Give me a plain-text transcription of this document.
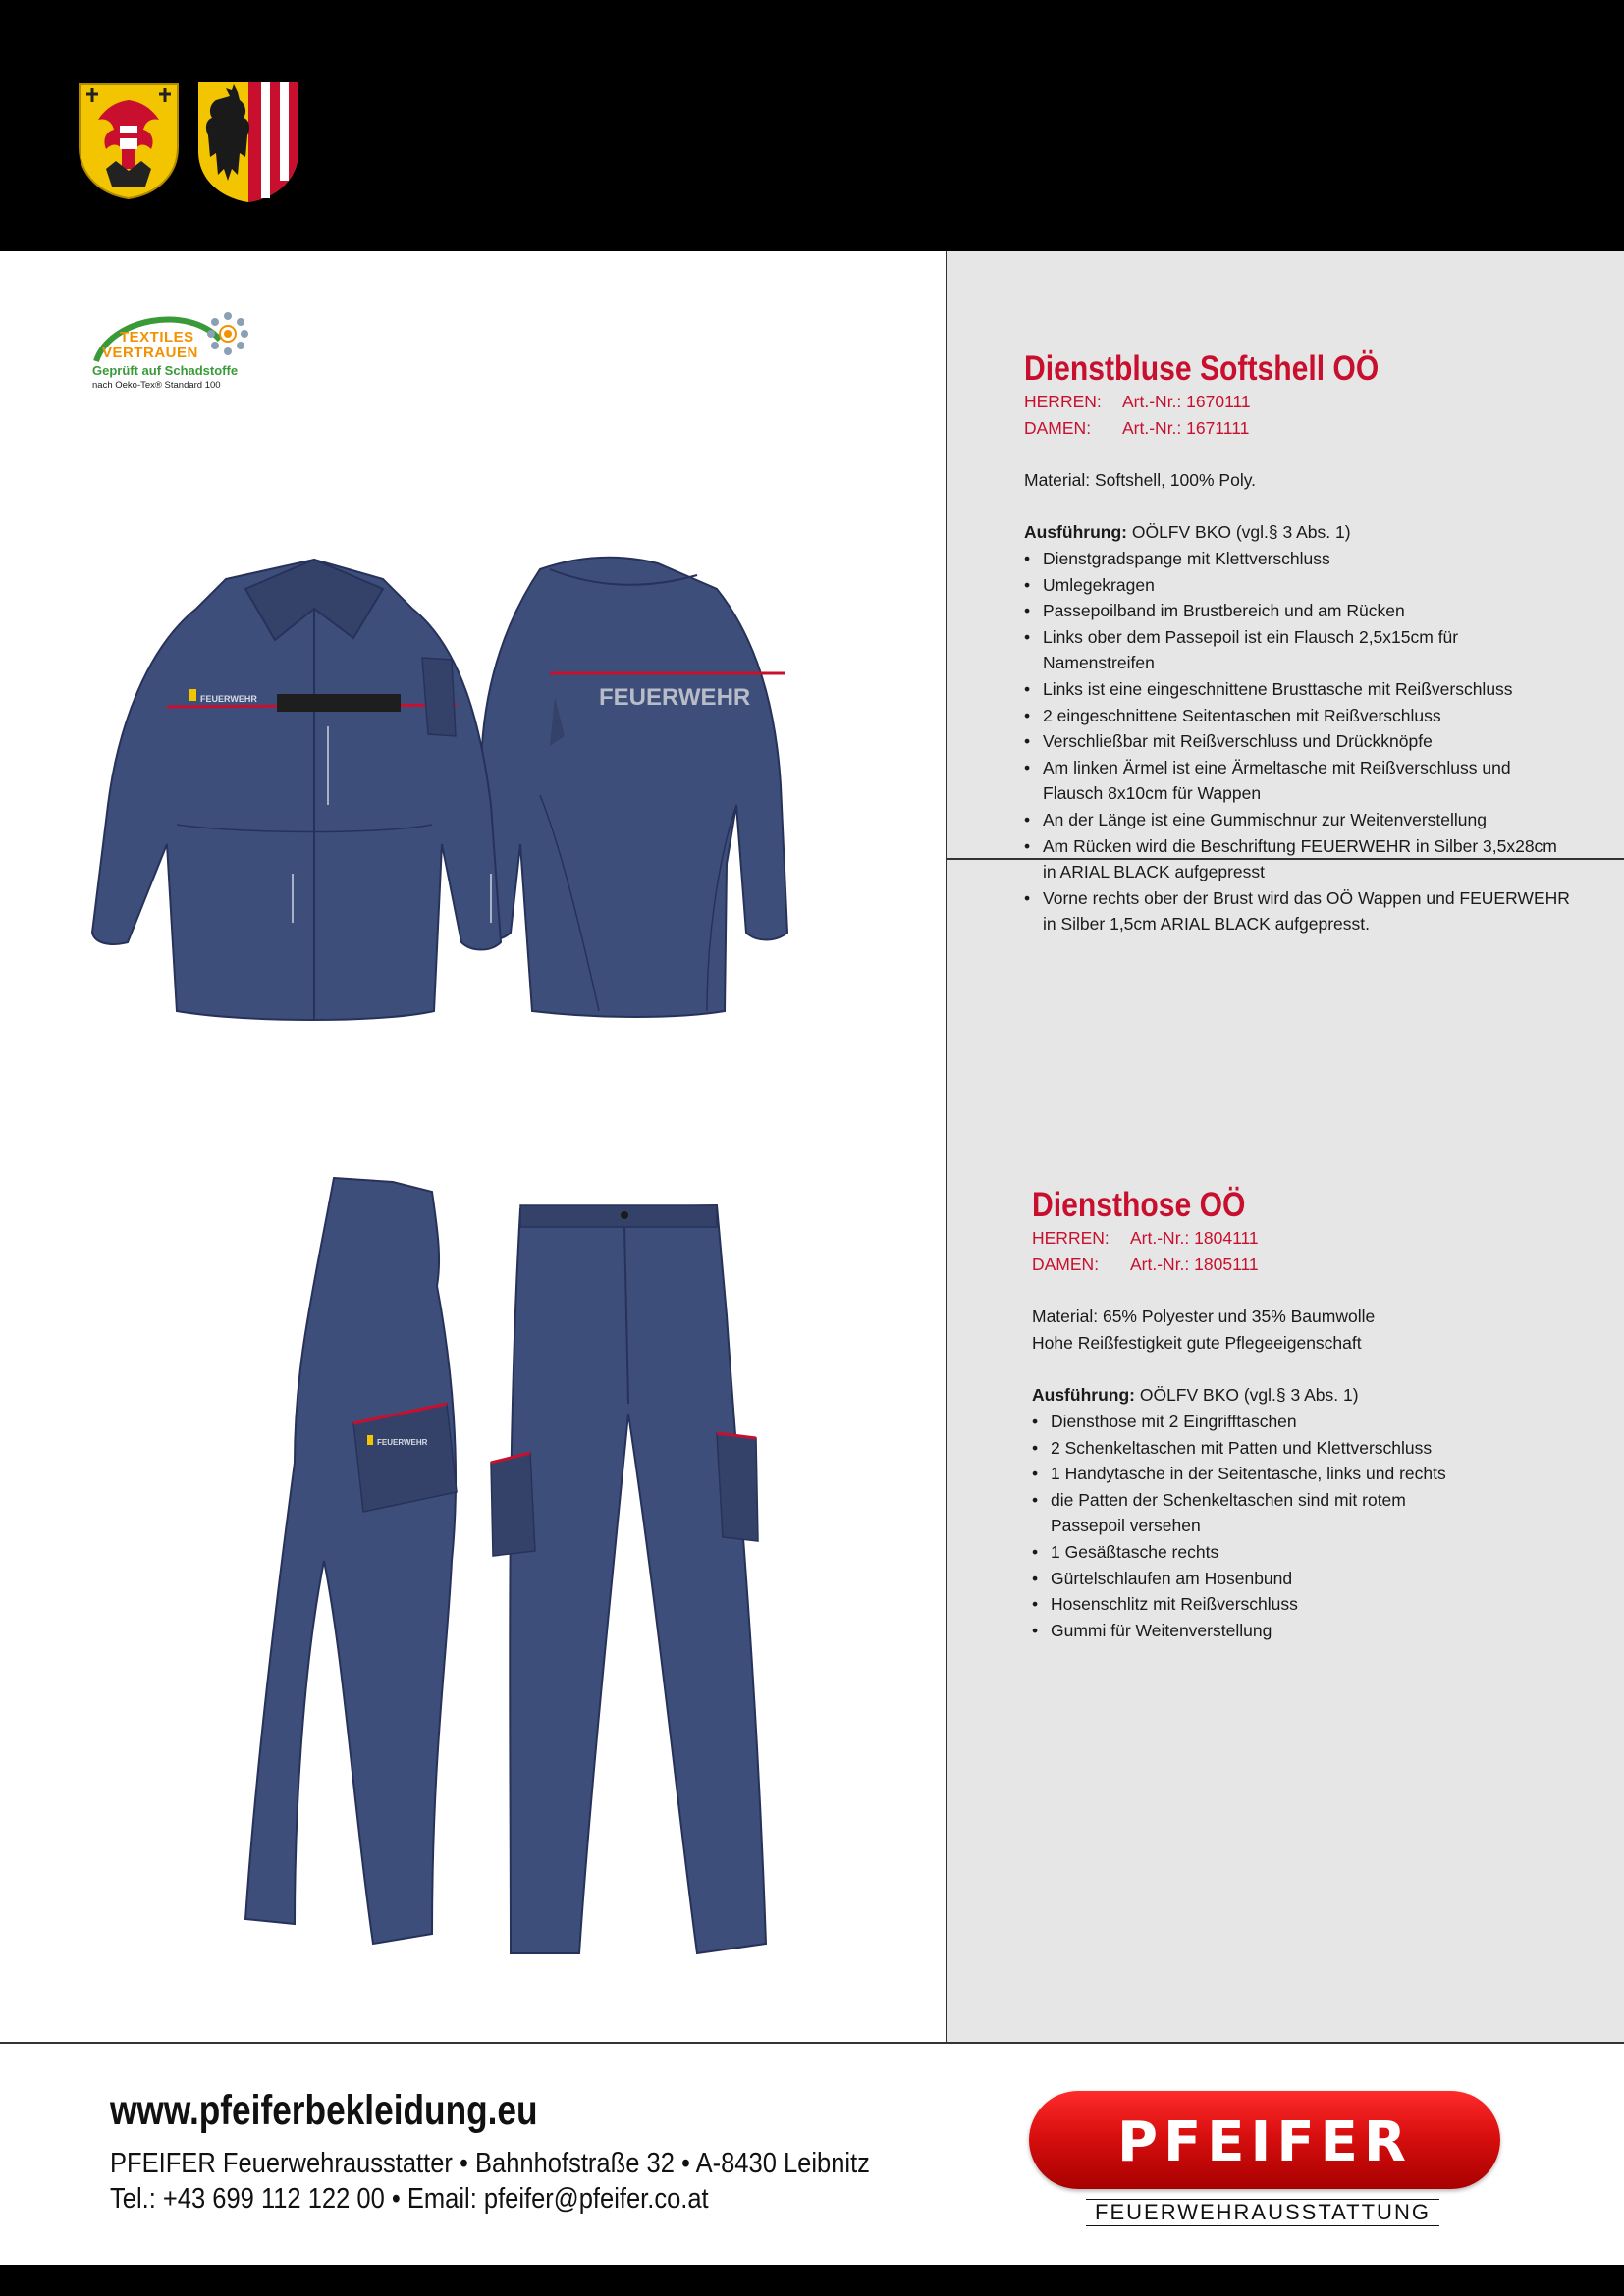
TEXTILES
VERTRAUEN
Geprüft auf Schadstoffe
nach Oeko-Tex® Standard 100
FEUERWEHR
FEUERWEHR
FEUERWEHR
Dienstbluse Softshell OÖ
HERREN: Art.-Nr.: 1670111
DAMEN: Art.-Nr.: 1671111
Material: Softshell, 100% Poly.
Ausführung: OÖLFV BKO (vgl.§ 3 Abs. 1)
• Dienstgradspange mit Klettverschluss
• Umlegekragen
• Passepoilband im Brustbereich und am Rücken
• Links ober dem Passepoil ist ein Flausch 2,5x15cm für
Namenstreifen
• Links ist eine eingeschnittene Brusttasche mit Reißverschluss
• 2 eingeschnittene Seitentaschen mit Reißverschluss
• Verschließbar mit Reißverschluss und Drückknöpfe
• Am linken Ärmel ist eine Ärmeltasche mit Reißverschluss und
Flausch 8x10cm für Wappen
• An der Länge ist eine Gummischnur zur Weitenverstellung
• Am Rücken wird die Beschriftung FEUERWEHR in Silber 3,5x28cm
in ARIAL BLACK aufgepresst
• Vorne rechts ober der Brust wird das OÖ Wappen und FEUERWEHR
in Silber 1,5cm ARIAL BLACK aufgepresst.
Diensthose OÖ
HERREN: Art.-Nr.: 1804111
DAMEN: Art.-Nr.: 1805111
Material: 65% Polyester und 35% Baumwolle
Hohe Reißfestigkeit gute Pflegeeigenschaft
Ausführung: OÖLFV BKO (vgl.§ 3 Abs. 1)
• Diensthose mit 2 Eingrifftaschen
• 2 Schenkeltaschen mit Patten und Klettverschluss
• 1 Handytasche in der Seitentasche, links und rechts
• die Patten der Schenkeltaschen sind mit rotem
Passepoil versehen
• 1 Gesäßtasche rechts
• Gürtelschlaufen am Hosenbund
• Hosenschlitz mit Reißverschluss
• Gummi für Weitenverstellung
www.pfeiferbekleidung.eu
PFEIFER Feuerwehrausstatter • Bahnhofstraße 32 • A-8430 Leibnitz
Tel.: +43 699 112 122 00 • Email: pfeifer@pfeifer.co.at
PFEIFER
FEUERWEHRAUSSTATTUNG
